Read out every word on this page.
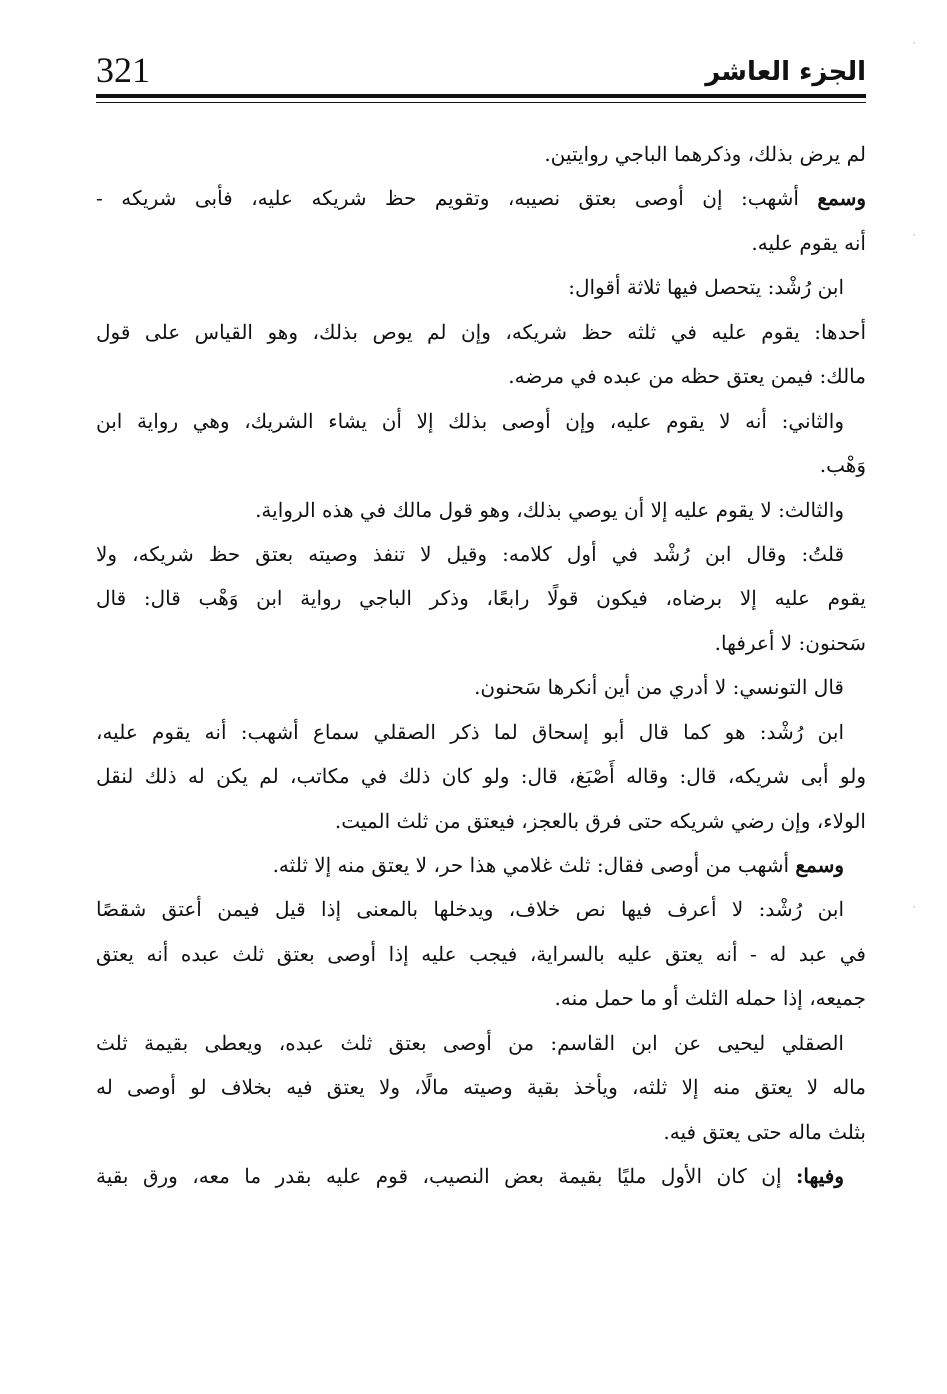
321	الجزء العاشر
·
·
·
لم يرض بذلك، وذكرهما الباجي روايتين.
وسمع أشهب: إن أوصى بعتق نصيبه، وتقويم حظ شريكه عليه، فأبى شريكه -
أنه يقوم عليه.
ابن رُشْد: يتحصل فيها ثلاثة أقوال:
أحدها: يقوم عليه في ثلثه حظ شريكه، وإن لم يوص بذلك، وهو القياس على قول
مالك: فيمن يعتق حظه من عبده في مرضه.
والثاني: أنه لا يقوم عليه، وإن أوصى بذلك إلا أن يشاء الشريك، وهي رواية ابن
وَهْب.
والثالث: لا يقوم عليه إلا أن يوصي بذلك، وهو قول مالك في هذه الرواية.
قلتُ: وقال ابن رُشْد في أول كلامه: وقيل لا تنفذ وصيته بعتق حظ شريكه، ولا
يقوم عليه إلا برضاه، فيكون قولًا رابعًا، وذكر الباجي رواية ابن وَهْب قال: قال
سَحنون: لا أعرفها.
قال التونسي: لا أدري من أين أنكرها سَحنون.
ابن رُشْد: هو كما قال أبو إسحاق لما ذكر الصقلي سماع أشهب: أنه يقوم عليه،
ولو أبى شريكه، قال: وقاله أَصْبَغ، قال: ولو كان ذلك في مكاتب، لم يكن له ذلك لنقل
الولاء، وإن رضي شريكه حتى فرق بالعجز، فيعتق من ثلث الميت.
وسمع أشهب من أوصى فقال: ثلث غلامي هذا حر، لا يعتق منه إلا ثلثه.
ابن رُشْد: لا أعرف فيها نص خلاف، ويدخلها بالمعنى إذا قيل فيمن أعتق شقصًا
في عبد له - أنه يعتق عليه بالسراية، فيجب عليه إذا أوصى بعتق ثلث عبده أنه يعتق
جميعه، إذا حمله الثلث أو ما حمل منه.
الصقلي ليحيى عن ابن القاسم: من أوصى بعتق ثلث عبده، ويعطى بقيمة ثلث
ماله لا يعتق منه إلا ثلثه، ويأخذ بقية وصيته مالًا، ولا يعتق فيه بخلاف لو أوصى له
بثلث ماله حتى يعتق فيه.
وفيها: إن كان الأول مليًا بقيمة بعض النصيب، قوم عليه بقدر ما معه، ورق بقية
